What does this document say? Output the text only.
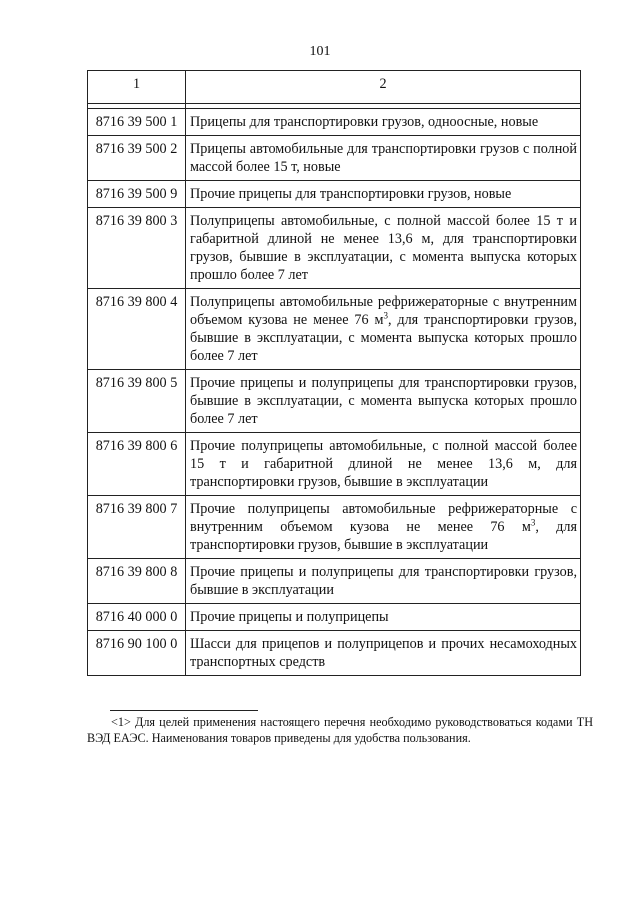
101
1	2

8716 39 500 1	Прицепы для транспортировки грузов, одноосные, новые
8716 39 500 2	Прицепы автомобильные для транспортировки грузов с полной массой более 15 т, новые
8716 39 500 9	Прочие прицепы для транспортировки грузов, новые
8716 39 800 3	Полуприцепы автомобильные, с полной массой более 15 т и габаритной длиной не менее 13,6 м, для транспортировки грузов, бывшие в эксплуатации, с момента выпуска которых прошло более 7 лет
8716 39 800 4	Полуприцепы автомобильные рефрижераторные с внутренним объемом кузова не менее 76 $м^3$, для транспортировки грузов, бывшие в эксплуатации, с момента выпуска которых прошло более 7 лет
8716 39 800 5	Прочие прицепы и полуприцепы для транспортировки грузов, бывшие в эксплуатации, с момента выпуска которых прошло более 7 лет
8716 39 800 6	Прочие полуприцепы автомобильные, с полной массой более 15 т и габаритной длиной не менее 13,6 м, для транспортировки грузов, бывшие в эксплуатации
8716 39 800 7	Прочие полуприцепы автомобильные рефрижераторные с внутренним объемом кузова не менее 76 $м^3$, для транспортировки грузов, бывшие в эксплуатации
8716 39 800 8	Прочие прицепы и полуприцепы для транспортировки грузов, бывшие в эксплуатации
8716 40 000 0	Прочие прицепы и полуприцепы
8716 90 100 0	Шасси для прицепов и полуприцепов и прочих несамоходных транспортных средств
<1> Для целей применения настоящего перечня необходимо руководствоваться кодами ТН ВЭД ЕАЭС. Наименования товаров приведены для удобства пользования.
